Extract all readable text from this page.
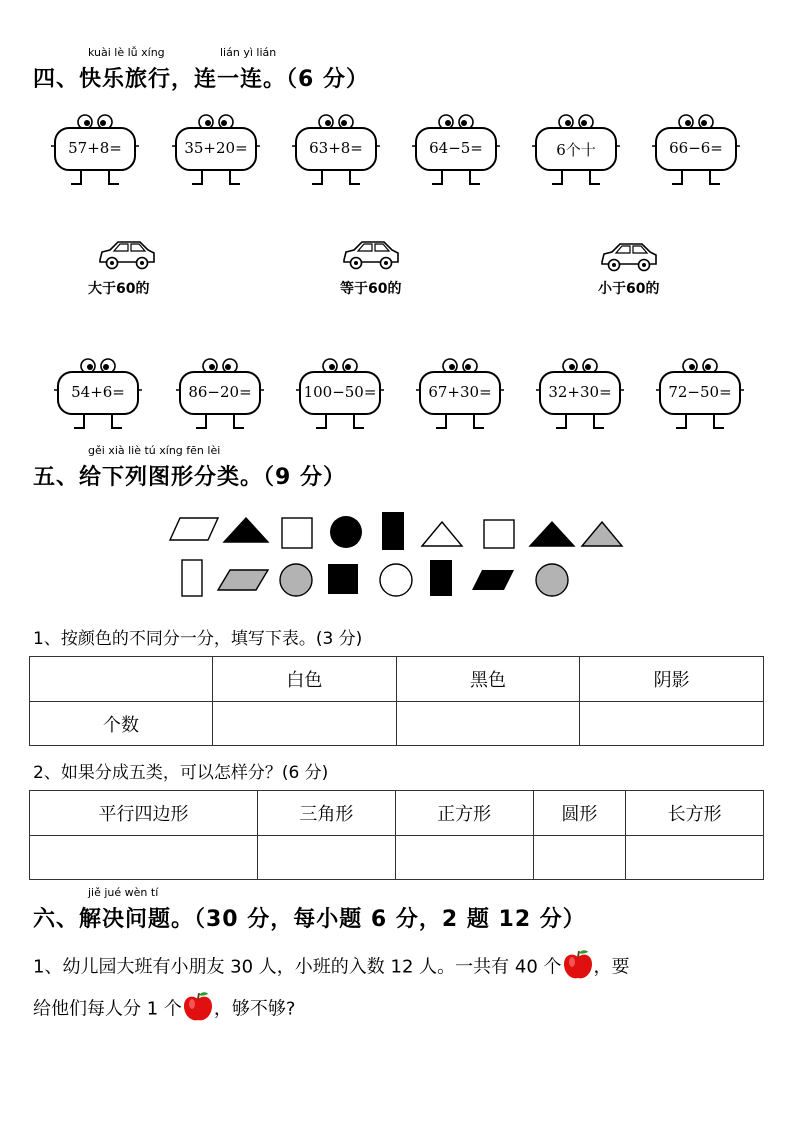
kuài lè lǚ xíng	lián yì lián
四、快乐旅行，连一连。（6 分）
57+8=	35+20=	63+8=	64−5=	6个十	66−6=
大于60的	等于60的	小于60的
54+6=	86−20=	100−50=	67+30=	32+30=	72−50=
gěi xià liè tú xíng fēn lèi
五、给下列图形分类。（9 分）
1、按颜色的不同分一分，填写下表。(3 分)
	白色	黑色	阴影
个数			
2、如果分成五类，可以怎样分？(6 分)
平行四边形	三角形	正方形	圆形	长方形

jiě jué wèn tí
六、解决问题。（30 分，每小题 6 分，2 题 12 分）
1、幼儿园大班有小朋友 30 人，小班的入数 12 人。一共有 40 个 ，要
给他们每人分 1 个 ，够不够?
